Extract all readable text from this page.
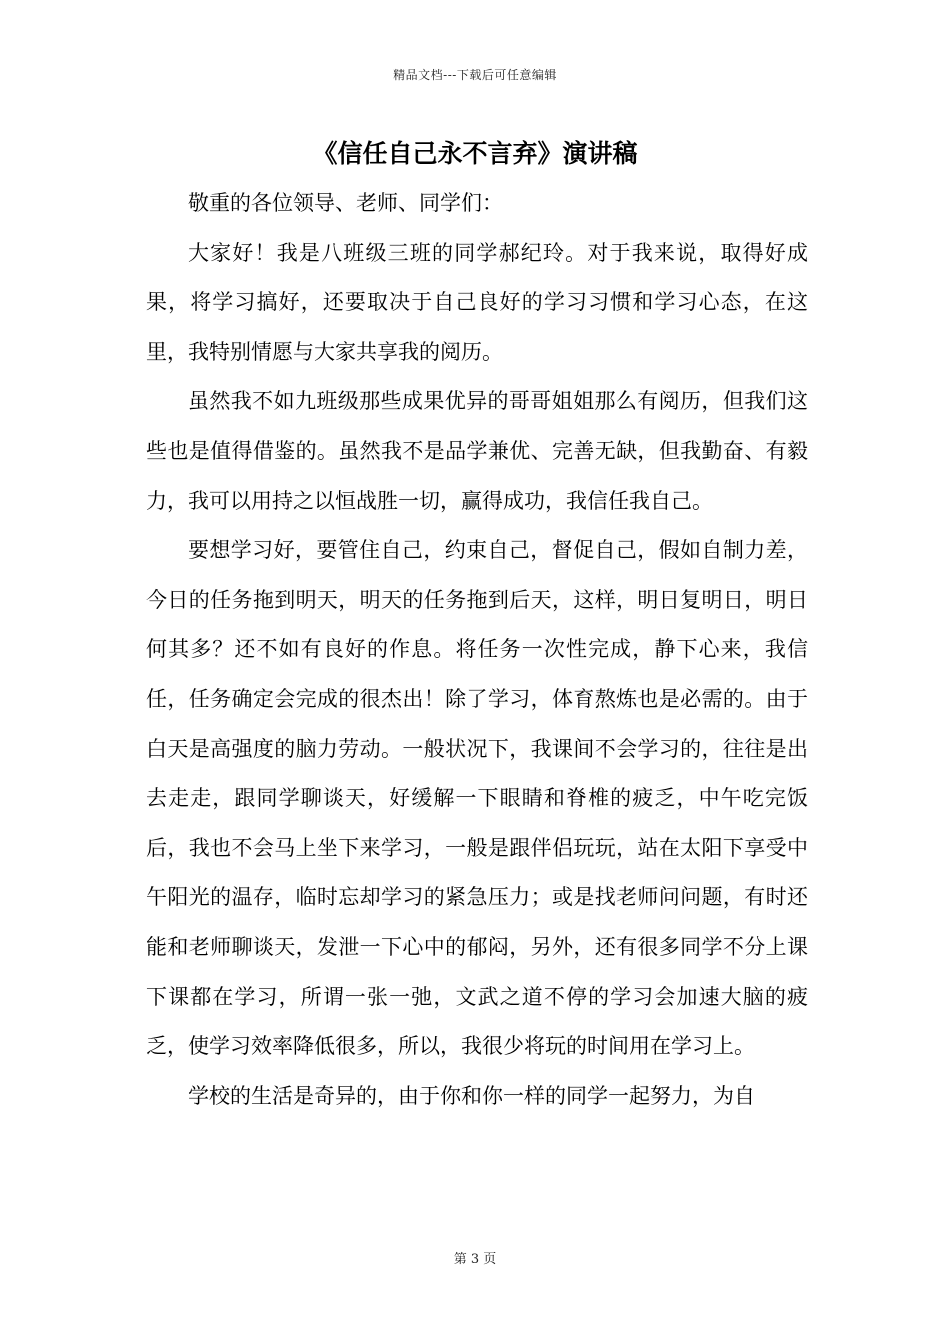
精品文档---下载后可任意编辑
《信任自己永不言弃》演讲稿

敬重的各位领导、老师、同学们：

大家好！我是八班级三班的同学郝纪玲。对于我来说，取得好成果，将学习搞好，还要取决于自己良好的学习习惯和学习心态，在这里，我特别情愿与大家共享我的阅历。

虽然我不如九班级那些成果优异的哥哥姐姐那么有阅历，但我们这些也是值得借鉴的。虽然我不是品学兼优、完善无缺，但我勤奋、有毅力，我可以用持之以恒战胜一切，赢得成功，我信任我自己。

要想学习好，要管住自己，约束自己，督促自己，假如自制力差，今日的任务拖到明天，明天的任务拖到后天，这样，明日复明日，明日何其多？还不如有良好的作息。将任务一次性完成，静下心来，我信任，任务确定会完成的很杰出！除了学习，体育熬炼也是必需的。由于白天是高强度的脑力劳动。一般状况下，我课间不会学习的，往往是出去走走，跟同学聊谈天，好缓解一下眼睛和脊椎的疲乏，中午吃完饭后，我也不会马上坐下来学习，一般是跟伴侣玩玩，站在太阳下享受中午阳光的温存，临时忘却学习的紧急压力；或是找老师问问题，有时还能和老师聊谈天，发泄一下心中的郁闷，另外，还有很多同学不分上课下课都在学习，所谓一张一弛，文武之道不停的学习会加速大脑的疲乏，使学习效率降低很多，所以，我很少将玩的时间用在学习上。

学校的生活是奇异的，由于你和你一样的同学一起努力，为自

第 3 页
